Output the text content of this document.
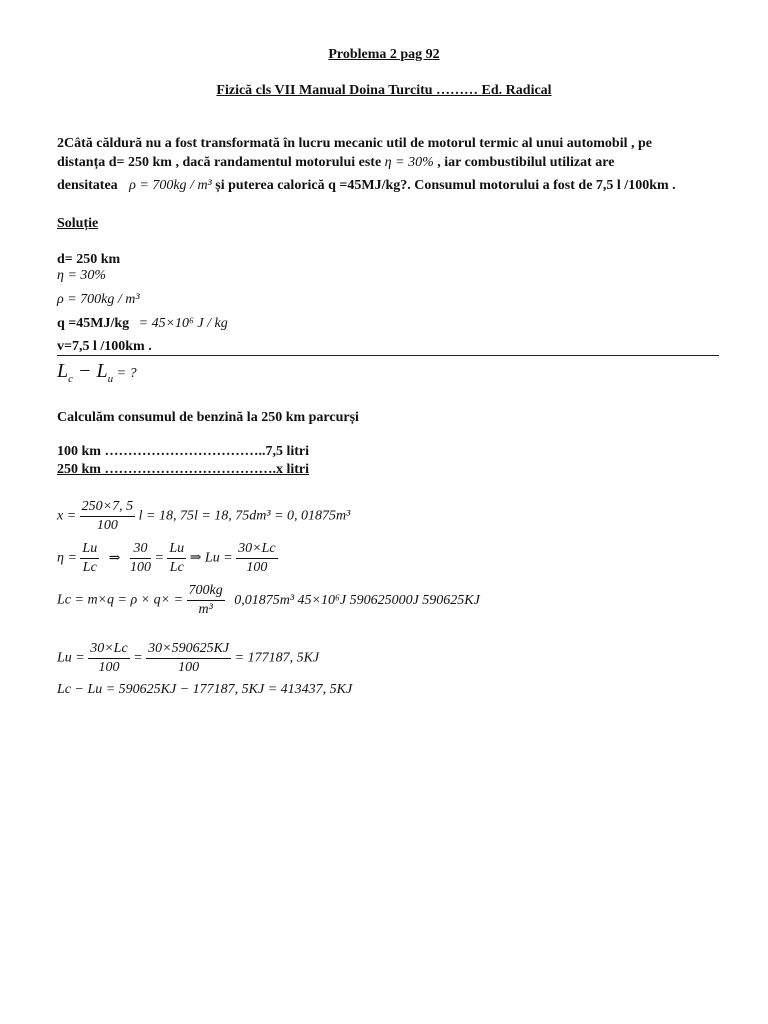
Problema 2 pag 92
Fizică cls VII Manual Doina Turcitu ……… Ed. Radical
2Câtă căldură nu a fost transformată în lucru mecanic util de motorul termic al unui automobil , pe
distanța d= 250 km , dacă randamentul motorului este η = 30% , iar combustibilul utilizat are
densitatea ρ = 700kg / m³ și puterea calorică q =45MJ/kg?. Consumul motorului a fost de 7,5 l /100km .
Soluție
d= 250 km
η = 30%
ρ = 700kg / m³
q =45MJ/kg = 45×10⁶ J / kg
v=7,5 l /100km .
$L_c - L_u$ = ?
Calculăm consumul de benzină la 250 km parcurși
100 km ……………………………..7,5 litri
250 km ……………………………….x litri
$x = \frac{250\times 7, 5}{100}$ l = 18, 75l = 18, 75dm³ = 0, 01875m³
$\eta = \frac{Lu}{Lc}$ ⇒ $\frac{30}{100} = \frac{Lu}{Lc}$ ⇒ $Lu = \frac{30\times Lc}{100}$
$Lc = m\times q = \rho \times q\times = \frac{700kg}{\text{m³}} 0,01875m^3$ 45×10⁶J 590625000J 590625KJ
$Lu = \frac{30\times Lc}{100} = \frac{30\times 590625KJ}{100} = 177187$, 5KJ
Lc − Lu = 590625KJ − 177187, 5KJ = 413437, 5KJ
